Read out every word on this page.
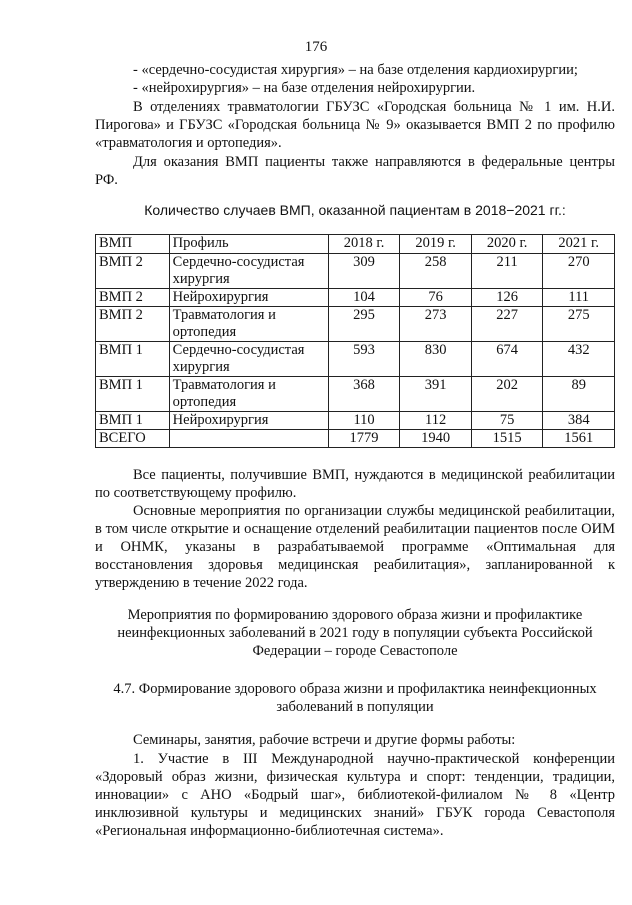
176

- «сердечно-сосудистая хирургия» – на базе отделения кардиохирургии;

- «нейрохирургия» – на базе отделения нейрохирургии.

В отделениях травматологии ГБУЗС «Городская больница № 1 им. Н.И. Пирогова» и ГБУЗС «Городская больница № 9» оказывается ВМП 2 по профилю «травматология и ортопедия».

Для оказания ВМП пациенты также направляются в федеральные центры РФ.

Количество случаев ВМП, оказанной пациентам в 2018−2021 гг.:
ВМП	Профиль	2018 г.	2019 г.	2020 г.	2021 г.
ВМП 2	Сердечно-сосудистая хирургия	309	258	211	270
ВМП 2	Нейрохирургия	104	76	126	111
ВМП 2	Травматология и ортопедия	295	273	227	275
ВМП 1	Сердечно-сосудистая хирургия	593	830	674	432
ВМП 1	Травматология и ортопедия	368	391	202	89
ВМП 1	Нейрохирургия	110	112	75	384
ВСЕГО		1779	1940	1515	1561

Все пациенты, получившие ВМП, нуждаются в медицинской реабилитации по соответствующему профилю.

Основные мероприятия по организации службы медицинской реабилитации, в том числе открытие и оснащение отделений реабилитации пациентов после ОИМ и ОНМК, указаны в разрабатываемой программе «Оптимальная для восстановления здоровья медицинская реабилитация», запланированной к утверждению в течение 2022 года.

Мероприятия по формированию здорового образа жизни и профилактике неинфекционных заболеваний в 2021 году в популяции субъекта Российской Федерации – городе Севастополе

4.7. Формирование здорового образа жизни и профилактика неинфекционных заболеваний в популяции

Семинары, занятия, рабочие встречи и другие формы работы:

1. Участие в III Международной научно-практической конференции «Здоровый образ жизни, физическая культура и спорт: тенденции, традиции, инновации» с АНО «Бодрый шаг», библиотекой-филиалом № 8 «Центр инклюзивной культуры и медицинских знаний» ГБУК города Севастополя «Региональная информационно-библиотечная система».
